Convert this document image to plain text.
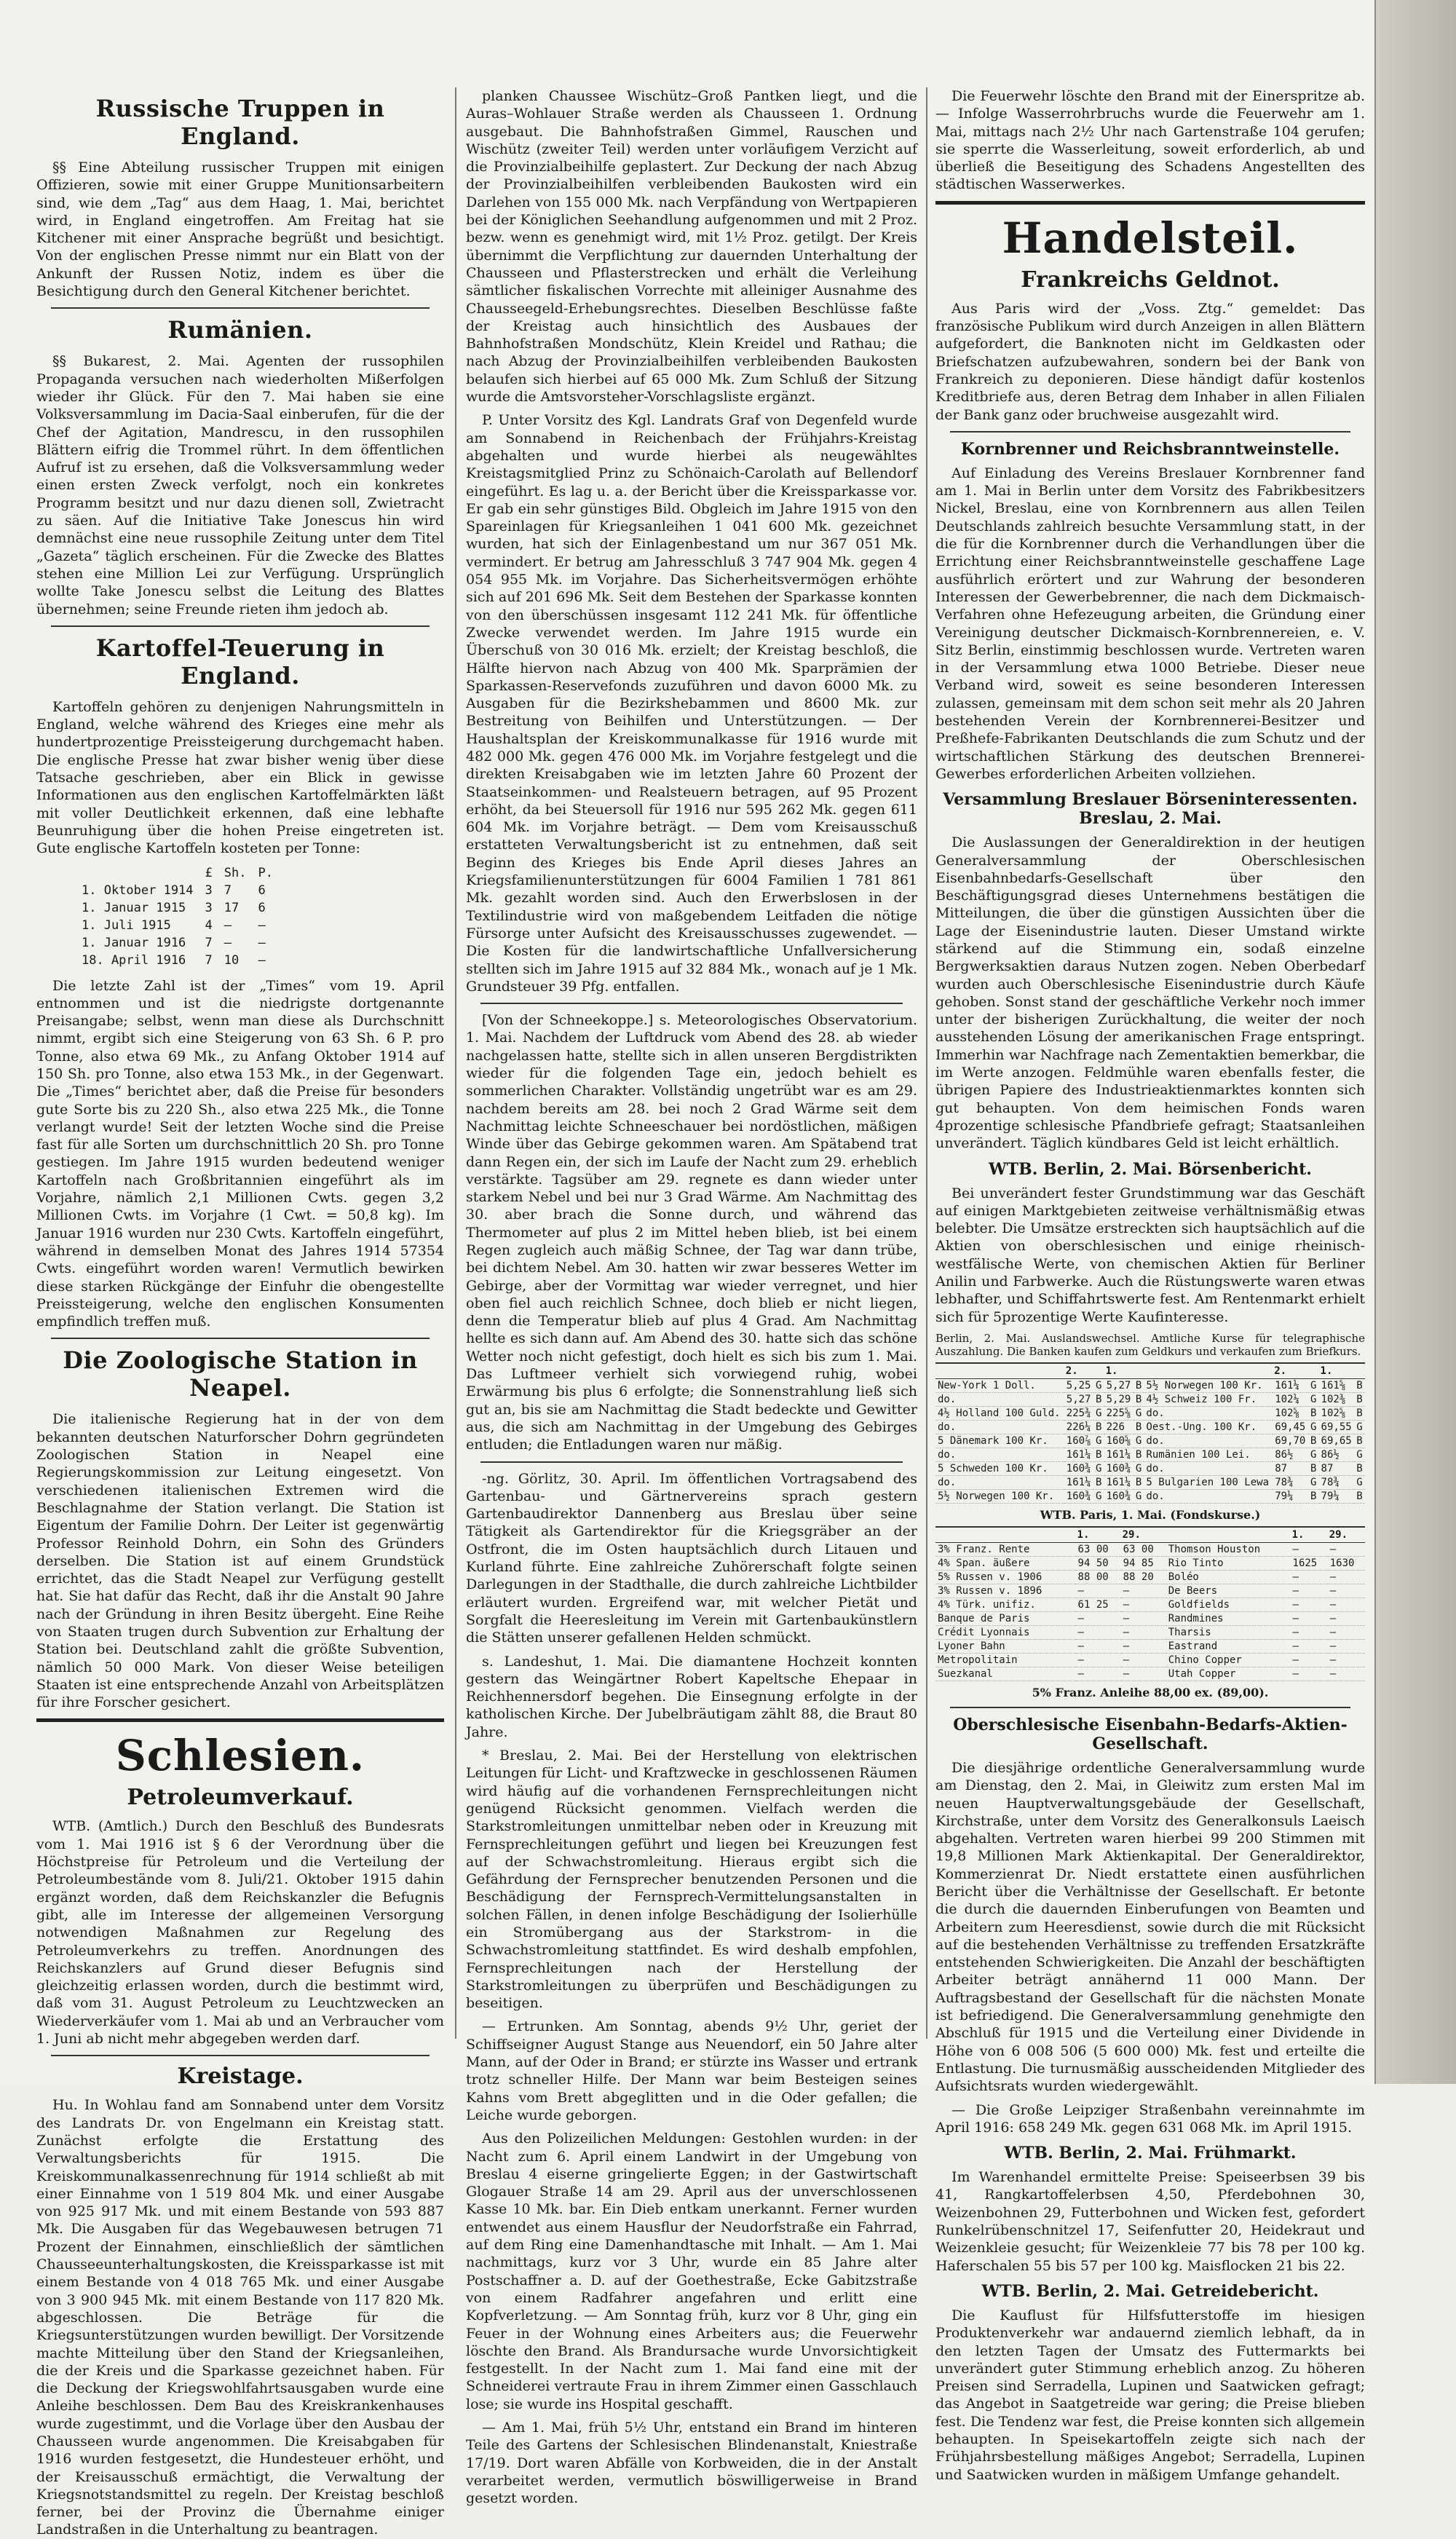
Russische Truppen in England.

§§ Eine Abteilung russischer Truppen mit einigen Offizieren, sowie mit einer Gruppe Munitionsarbeitern sind, wie dem „Tag“ aus dem Haag, 1. Mai, berichtet wird, in England eingetroffen. Am Freitag hat sie Kitchener mit einer Ansprache begrüßt und besichtigt. Von der englischen Presse nimmt nur ein Blatt von der Ankunft der Russen Notiz, indem es über die Besichtigung durch den General Kitchener berichtet.

Rumänien.

§§ Bukarest, 2. Mai. Agenten der russophilen Propaganda versuchen nach wiederholten Mißerfolgen wieder ihr Glück. Für den 7. Mai haben sie eine Volksversammlung im Dacia-Saal einberufen, für die der Chef der Agitation, Mandrescu, in den russophilen Blättern eifrig die Trommel rührt. In dem öffentlichen Aufruf ist zu ersehen, daß die Volksversammlung weder einen ersten Zweck verfolgt, noch ein konkretes Programm besitzt und nur dazu dienen soll, Zwietracht zu säen. Auf die Initiative Take Jonescus hin wird demnächst eine neue russophile Zeitung unter dem Titel „Gazeta“ täglich erscheinen. Für die Zwecke des Blattes stehen eine Million Lei zur Verfügung. Ursprünglich wollte Take Jonescu selbst die Leitung des Blattes übernehmen; seine Freunde rieten ihm jedoch ab.

Kartoffel-Teuerung in England.

Kartoffeln gehören zu denjenigen Nahrungsmitteln in England, welche während des Krieges eine mehr als hundertprozentige Preissteigerung durchgemacht haben. Die englische Presse hat zwar bisher wenig über diese Tatsache geschrieben, aber ein Blick in gewisse Informationen aus den englischen Kartoffelmärkten läßt mit voller Deutlichkeit erkennen, daß eine lebhafte Beunruhigung über die hohen Preise eingetreten ist. Gute englische Kartoffeln kosteten per Tonne:

	£	Sh.	P.
1. Oktober 1914	3	7	6
1. Januar 1915	3	17	6
1. Juli 1915	4	—	—
1. Januar 1916	7	—	—
18. April 1916	7	10	—

Die letzte Zahl ist der „Times“ vom 19. April entnommen und ist die niedrigste dortgenannte Preisangabe; selbst, wenn man diese als Durchschnitt nimmt, ergibt sich eine Steigerung von 63 Sh. 6 P. pro Tonne, also etwa 69 Mk., zu Anfang Oktober 1914 auf 150 Sh. pro Tonne, also etwa 153 Mk., in der Gegenwart. Die „Times“ berichtet aber, daß die Preise für besonders gute Sorte bis zu 220 Sh., also etwa 225 Mk., die Tonne verlangt wurde! Seit der letzten Woche sind die Preise fast für alle Sorten um durchschnittlich 20 Sh. pro Tonne gestiegen. Im Jahre 1915 wurden bedeutend weniger Kartoffeln nach Großbritannien eingeführt als im Vorjahre, nämlich 2,1 Millionen Cwts. gegen 3,2 Millionen Cwts. im Vorjahre (1 Cwt. = 50,8 kg). Im Januar 1916 wurden nur 230 Cwts. Kartoffeln eingeführt, während in demselben Monat des Jahres 1914 57354 Cwts. eingeführt worden waren! Vermutlich bewirken diese starken Rückgänge der Einfuhr die obengestellte Preissteigerung, welche den englischen Konsumenten empfindlich treffen muß.

Die Zoologische Station in Neapel.

Die italienische Regierung hat in der von dem bekannten deutschen Naturforscher Dohrn gegründeten Zoologischen Station in Neapel eine Regierungskommission zur Leitung eingesetzt. Von verschiedenen italienischen Extremen wird die Beschlagnahme der Station verlangt. Die Station ist Eigentum der Familie Dohrn. Der Leiter ist gegenwärtig Professor Reinhold Dohrn, ein Sohn des Gründers derselben. Die Station ist auf einem Grundstück errichtet, das die Stadt Neapel zur Verfügung gestellt hat. Sie hat dafür das Recht, daß ihr die Anstalt 90 Jahre nach der Gründung in ihren Besitz übergeht. Eine Reihe von Staaten trugen durch Subvention zur Erhaltung der Station bei. Deutschland zahlt die größte Subvention, nämlich 50 000 Mark. Von dieser Weise beteiligen Staaten ist eine entsprechende Anzahl von Arbeitsplätzen für ihre Forscher gesichert.

Schlesien.
Petroleumverkauf.

WTB. (Amtlich.) Durch den Beschluß des Bundesrats vom 1. Mai 1916 ist § 6 der Verordnung über die Höchstpreise für Petroleum und die Verteilung der Petroleumbestände vom 8. Juli/21. Oktober 1915 dahin ergänzt worden, daß dem Reichskanzler die Befugnis gibt, alle im Interesse der allgemeinen Versorgung notwendigen Maßnahmen zur Regelung des Petroleumverkehrs zu treffen. Anordnungen des Reichskanzlers auf Grund dieser Befugnis sind gleichzeitig erlassen worden, durch die bestimmt wird, daß vom 31. August Petroleum zu Leuchtzwecken an Wiederverkäufer vom 1. Mai ab und an Verbraucher vom 1. Juni ab nicht mehr abgegeben werden darf.

Kreistage.

Hu. In Wohlau fand am Sonnabend unter dem Vorsitz des Landrats Dr. von Engelmann ein Kreistag statt. Zunächst erfolgte die Erstattung des Verwaltungsberichts für 1915. Die Kreiskommunalkassenrechnung für 1914 schließt ab mit einer Einnahme von 1 519 804 Mk. und einer Ausgabe von 925 917 Mk. und mit einem Bestande von 593 887 Mk. Die Ausgaben für das Wegebauwesen betrugen 71 Prozent der Einnahmen, einschließlich der sämtlichen Chausseeunterhaltungskosten, die Kreissparkasse ist mit einem Bestande von 4 018 765 Mk. und einer Ausgabe von 3 900 945 Mk. mit einem Bestande von 117 820 Mk. abgeschlossen. Die Beträge für die Kriegsunterstützungen wurden bewilligt. Der Vorsitzende machte Mitteilung über den Stand der Kriegsanleihen, die der Kreis und die Sparkasse gezeichnet haben. Für die Deckung der Kriegswohlfahrtsausgaben wurde eine Anleihe beschlossen. Dem Bau des Kreiskrankenhauses wurde zugestimmt, und die Vorlage über den Ausbau der Chausseen wurde angenommen. Die Kreisabgaben für 1916 wurden festgesetzt, die Hundesteuer erhöht, und der Kreisausschuß ermächtigt, die Verwaltung der Kriegsnotstandsmittel zu regeln. Der Kreistag beschloß ferner, bei der Provinz die Übernahme einiger Landstraßen in die Unterhaltung zu beantragen.

planken Chaussee Wischütz–Groß Pantken liegt, und die Auras–Wohlauer Straße werden als Chausseen 1. Ordnung ausgebaut. Die Bahnhofstraßen Gimmel, Rauschen und Wischütz (zweiter Teil) werden unter vorläufigem Verzicht auf die Provinzialbeihilfe geplastert. Zur Deckung der nach Abzug der Provinzialbeihilfen verbleibenden Baukosten wird ein Darlehen von 155 000 Mk. nach Verpfändung von Wertpapieren bei der Königlichen Seehandlung aufgenommen und mit 2 Proz. bezw. wenn es genehmigt wird, mit 1½ Proz. getilgt. Der Kreis übernimmt die Verpflichtung zur dauernden Unterhaltung der Chausseen und Pflasterstrecken und erhält die Verleihung sämtlicher fiskalischen Vorrechte mit alleiniger Ausnahme des Chausseegeld-Erhebungsrechtes. Dieselben Beschlüsse faßte der Kreistag auch hinsichtlich des Ausbaues der Bahnhofstraßen Mondschütz, Klein Kreidel und Rathau; die nach Abzug der Provinzialbeihilfen verbleibenden Baukosten belaufen sich hierbei auf 65 000 Mk. Zum Schluß der Sitzung wurde die Amtsvorsteher-Vorschlagsliste ergänzt.

P. Unter Vorsitz des Kgl. Landrats Graf von Degenfeld wurde am Sonnabend in Reichenbach der Frühjahrs-Kreistag abgehalten und wurde hierbei als neugewähltes Kreistagsmitglied Prinz zu Schönaich-Carolath auf Bellendorf eingeführt. Es lag u. a. der Bericht über die Kreissparkasse vor. Er gab ein sehr günstiges Bild. Obgleich im Jahre 1915 von den Spareinlagen für Kriegsanleihen 1 041 600 Mk. gezeichnet wurden, hat sich der Einlagenbestand um nur 367 051 Mk. vermindert. Er betrug am Jahresschluß 3 747 904 Mk. gegen 4 054 955 Mk. im Vorjahre. Das Sicherheitsvermögen erhöhte sich auf 201 696 Mk. Seit dem Bestehen der Sparkasse konnten von den überschüssen insgesamt 112 241 Mk. für öffentliche Zwecke verwendet werden. Im Jahre 1915 wurde ein Überschuß von 30 016 Mk. erzielt; der Kreistag beschloß, die Hälfte hiervon nach Abzug von 400 Mk. Sparprämien der Sparkassen-Reservefonds zuzuführen und davon 6000 Mk. zu Ausgaben für die Bezirkshebammen und 8600 Mk. zur Bestreitung von Beihilfen und Unterstützungen. — Der Haushaltsplan der Kreiskommunalkasse für 1916 wurde mit 482 000 Mk. gegen 476 000 Mk. im Vorjahre festgelegt und die direkten Kreisabgaben wie im letzten Jahre 60 Prozent der Staatseinkommen- und Realsteuern betragen, auf 95 Prozent erhöht, da bei Steuersoll für 1916 nur 595 262 Mk. gegen 611 604 Mk. im Vorjahre beträgt. — Dem vom Kreisausschuß erstatteten Verwaltungsbericht ist zu entnehmen, daß seit Beginn des Krieges bis Ende April dieses Jahres an Kriegsfamilienunterstützungen für 6004 Familien 1 781 861 Mk. gezahlt worden sind. Auch den Erwerbslosen in der Textilindustrie wird von maßgebendem Leitfaden die nötige Fürsorge unter Aufsicht des Kreisausschusses zugewendet. — Die Kosten für die landwirtschaftliche Unfallversicherung stellten sich im Jahre 1915 auf 32 884 Mk., wonach auf je 1 Mk. Grundsteuer 39 Pfg. entfallen.

[Von der Schneekoppe.] s. Meteorologisches Observatorium. 1. Mai. Nachdem der Luftdruck vom Abend des 28. ab wieder nachgelassen hatte, stellte sich in allen unseren Bergdistrikten wieder für die folgenden Tage ein, jedoch behielt es sommerlichen Charakter. Vollständig ungetrübt war es am 29. nachdem bereits am 28. bei noch 2 Grad Wärme seit dem Nachmittag leichte Schneeschauer bei nordöstlichen, mäßigen Winde über das Gebirge gekommen waren. Am Spätabend trat dann Regen ein, der sich im Laufe der Nacht zum 29. erheblich verstärkte. Tagsüber am 29. regnete es dann wieder unter starkem Nebel und bei nur 3 Grad Wärme. Am Nachmittag des 30. aber brach die Sonne durch, und während das Thermometer auf plus 2 im Mittel heben blieb, ist bei einem Regen zugleich auch mäßig Schnee, der Tag war dann trübe, bei dichtem Nebel. Am 30. hatten wir zwar besseres Wetter im Gebirge, aber der Vormittag war wieder verregnet, und hier oben fiel auch reichlich Schnee, doch blieb er nicht liegen, denn die Temperatur blieb auf plus 4 Grad. Am Nachmittag hellte es sich dann auf. Am Abend des 30. hatte sich das schöne Wetter noch nicht gefestigt, doch hielt es sich bis zum 1. Mai. Das Luftmeer verhielt sich vorwiegend ruhig, wobei Erwärmung bis plus 6 erfolgte; die Sonnenstrahlung ließ sich gut an, bis sie am Nachmittag die Stadt bedeckte und Gewitter aus, die sich am Nachmittag in der Umgebung des Gebirges entluden; die Entladungen waren nur mäßig.

-ng. Görlitz, 30. April. Im öffentlichen Vortragsabend des Gartenbau- und Gärtnervereins sprach gestern Gartenbaudirektor Dannenberg aus Breslau über seine Tätigkeit als Gartendirektor für die Kriegsgräber an der Ostfront, die im Osten hauptsächlich durch Litauen und Kurland führte. Eine zahlreiche Zuhörerschaft folgte seinen Darlegungen in der Stadthalle, die durch zahlreiche Lichtbilder erläutert wurden. Ergreifend war, mit welcher Pietät und Sorgfalt die Heeresleitung im Verein mit Gartenbaukünstlern die Stätten unserer gefallenen Helden schmückt.

s. Landeshut, 1. Mai. Die diamantene Hochzeit konnten gestern das Weingärtner Robert Kapeltsche Ehepaar in Reichhennersdorf begehen. Die Einsegnung erfolgte in der katholischen Kirche. Der Jubelbräutigam zählt 88, die Braut 80 Jahre.

* Breslau, 2. Mai. Bei der Herstellung von elektrischen Leitungen für Licht- und Kraftzwecke in geschlossenen Räumen wird häufig auf die vorhandenen Fernsprechleitungen nicht genügend Rücksicht genommen. Vielfach werden die Starkstromleitungen unmittelbar neben oder in Kreuzung mit Fernsprechleitungen geführt und liegen bei Kreuzungen fest auf der Schwachstromleitung. Hieraus ergibt sich die Gefährdung der Fernsprecher benutzenden Personen und die Beschädigung der Fernsprech-Vermittelungsanstalten in solchen Fällen, in denen infolge Beschädigung der Isolierhülle ein Stromübergang aus der Starkstrom- in die Schwachstromleitung stattfindet. Es wird deshalb empfohlen, Fernsprechleitungen nach der Herstellung der Starkstromleitungen zu überprüfen und Beschädigungen zu beseitigen.

— Ertrunken. Am Sonntag, abends 9½ Uhr, geriet der Schiffseigner August Stange aus Neuendorf, ein 50 Jahre alter Mann, auf der Oder in Brand; er stürzte ins Wasser und ertrank trotz schneller Hilfe. Der Mann war beim Besteigen seines Kahns vom Brett abgeglitten und in die Oder gefallen; die Leiche wurde geborgen.

Aus den Polizeilichen Meldungen: Gestohlen wurden: in der Nacht zum 6. April einem Landwirt in der Umgebung von Breslau 4 eiserne gringelierte Eggen; in der Gastwirtschaft Glogauer Straße 14 am 29. April aus der unverschlossenen Kasse 10 Mk. bar. Ein Dieb entkam unerkannt. Ferner wurden entwendet aus einem Hausflur der Neudorfstraße ein Fahrrad, auf dem Ring eine Damenhandtasche mit Inhalt. — Am 1. Mai nachmittags, kurz vor 3 Uhr, wurde ein 85 Jahre alter Postschaffner a. D. auf der Goethestraße, Ecke Gabitzstraße von einem Radfahrer angefahren und erlitt eine Kopfverletzung. — Am Sonntag früh, kurz vor 8 Uhr, ging ein Feuer in der Wohnung eines Arbeiters aus; die Feuerwehr löschte den Brand. Als Brandursache wurde Unvorsichtigkeit festgestellt. In der Nacht zum 1. Mai fand eine mit der Schneiderei vertraute Frau in ihrem Zimmer einen Gasschlauch lose; sie wurde ins Hospital geschafft.

— Am 1. Mai, früh 5½ Uhr, entstand ein Brand im hinteren Teile des Gartens der Schlesischen Blindenanstalt, Kniestraße 17/19. Dort waren Abfälle von Korbweiden, die in der Anstalt verarbeitet werden, vermutlich böswilligerweise in Brand gesetzt worden.

Die Feuerwehr löschte den Brand mit der Einerspritze ab. — Infolge Wasserrohrbruchs wurde die Feuerwehr am 1. Mai, mittags nach 2½ Uhr nach Gartenstraße 104 gerufen; sie sperrte die Wasserleitung, soweit erforderlich, ab und überließ die Beseitigung des Schadens Angestellten des städtischen Wasserwerkes.

Handelsteil.
Frankreichs Geldnot.

Aus Paris wird der „Voss. Ztg.“ gemeldet: Das französische Publikum wird durch Anzeigen in allen Blättern aufgefordert, die Banknoten nicht im Geldkasten oder Briefschatzen aufzubewahren, sondern bei der Bank von Frankreich zu deponieren. Diese händigt dafür kostenlos Kreditbriefe aus, deren Betrag dem Inhaber in allen Filialen der Bank ganz oder bruchweise ausgezahlt wird.

Kornbrenner und Reichsbranntweinstelle.

Auf Einladung des Vereins Breslauer Kornbrenner fand am 1. Mai in Berlin unter dem Vorsitz des Fabrikbesitzers Nickel, Breslau, eine von Kornbrennern aus allen Teilen Deutschlands zahlreich besuchte Versammlung statt, in der die für die Kornbrenner durch die Verhandlungen über die Errichtung einer Reichsbranntweinstelle geschaffene Lage ausführlich erörtert und zur Wahrung der besonderen Interessen der Gewerbebrenner, die nach dem Dickmaisch-Verfahren ohne Hefezeugung arbeiten, die Gründung einer Vereinigung deutscher Dickmaisch-Kornbrennereien, e. V. Sitz Berlin, einstimmig beschlossen wurde. Vertreten waren in der Versammlung etwa 1000 Betriebe. Dieser neue Verband wird, soweit es seine besonderen Interessen zulassen, gemeinsam mit dem schon seit mehr als 20 Jahren bestehenden Verein der Kornbrennerei-Besitzer und Preßhefe-Fabrikanten Deutschlands die zum Schutz und der wirtschaftlichen Stärkung des deutschen Brennerei-Gewerbes erforderlichen Arbeiten vollziehen.

Versammlung Breslauer Börseninteressenten. Breslau, 2. Mai.

Die Auslassungen der Generaldirektion in der heutigen Generalversammlung der Oberschlesischen Eisenbahnbedarfs-Gesellschaft über den Beschäftigungsgrad dieses Unternehmens bestätigen die Mitteilungen, die über die günstigen Aussichten über die Lage der Eisenindustrie lauten. Dieser Umstand wirkte stärkend auf die Stimmung ein, sodaß einzelne Bergwerksaktien daraus Nutzen zogen. Neben Oberbedarf wurden auch Oberschlesische Eisenindustrie durch Käufe gehoben. Sonst stand der geschäftliche Verkehr noch immer unter der bisherigen Zurückhaltung, die weiter der noch ausstehenden Lösung der amerikanischen Frage entspringt. Immerhin war Nachfrage nach Zementaktien bemerkbar, die im Werte anzogen. Feldmühle waren ebenfalls fester, die übrigen Papiere des Industrieaktienmarktes konnten sich gut behaupten. Von dem heimischen Fonds waren 4prozentige schlesische Pfandbriefe gefragt; Staatsanleihen unverändert. Täglich kündbares Geld ist leicht erhältlich.

WTB. Berlin, 2. Mai. Börsenbericht.

Bei unverändert fester Grundstimmung war das Geschäft auf einigen Marktgebieten zeitweise verhältnismäßig etwas belebter. Die Umsätze erstreckten sich hauptsächlich auf die Aktien von oberschlesischen und einige rheinisch-westfälische Werte, von chemischen Aktien für Berliner Anilin und Farbwerke. Auch die Rüstungswerte waren etwas lebhafter, und Schiffahrtswerte fest. Am Rentenmarkt erhielt sich für 5prozentige Werte Kaufinteresse.

Berlin, 2. Mai. Auslandswechsel. Amtliche Kurse für telegraphische Auszahlung. Die Banken kaufen zum Geldkurs und verkaufen zum Briefkurs.
	2.		1.			2.		1.	
New-York 1 Doll.	5,25	G	5,27	B	5½ Norwegen 100 Kr.	161¼	G	161⅝	B
do.	5,27	B	5,29	B	4½ Schweiz 100 Fr.	102¼	G	102⅜	B
4½ Holland 100 Guld.	225¾	G	225⅝	G	do.	102⅝	B	102⅝	B
do.	226¼	B	226	B	Oest.-Ung. 100 Kr.	69,45	G	69,55	G
5 Dänemark 100 Kr.	160⅞	G	160⅝	G	do.	69,70	B	69,65	B
do.	161¼	B	161¼	B	Rumänien 100 Lei.	86½	G	86½	G
5 Schweden 100 Kr.	160¾	G	160¾	G	do.	87	B	87	B
do.	161¼	B	161¼	B	5 Bulgarien 100 Lewa	78¾	G	78¾	G
5½ Norwegen 100 Kr.	160¾	G	160¾	G	do.	79¼	B	79¼	B
WTB. Paris, 1. Mai. (Fondskurse.)
	1.	29.		1.	29.
3% Franz. Rente	63 00	63 00	Thomson Houston	—	—
4% Span. äußere	94 50	94 85	Rio Tinto	1625	1630
5% Russen v. 1906	88 00	88 20	Boléo	—	—
3% Russen v. 1896	—	—	De Beers	—	—
4% Türk. unifiz.	61 25	—	Goldfields	—	—
Banque de Paris	—	—	Randmines	—	—
Crédit Lyonnais	—	—	Tharsis	—	—
Lyoner Bahn	—	—	Eastrand	—	—
Metropolitain	—	—	Chino Copper	—	—
Suezkanal	—	—	Utah Copper	—	—
5% Franz. Anleihe 88,00 ex. (89,00).
Oberschlesische Eisenbahn-Bedarfs-Aktien-Gesellschaft.

Die diesjährige ordentliche Generalversammlung wurde am Dienstag, den 2. Mai, in Gleiwitz zum ersten Mal im neuen Hauptverwaltungsgebäude der Gesellschaft, Kirchstraße, unter dem Vorsitz des Generalkonsuls Laeisch abgehalten. Vertreten waren hierbei 99 200 Stimmen mit 19,8 Millionen Mark Aktienkapital. Der Generaldirektor, Kommerzienrat Dr. Niedt erstattete einen ausführlichen Bericht über die Verhältnisse der Gesellschaft. Er betonte die durch die dauernden Einberufungen von Beamten und Arbeitern zum Heeresdienst, sowie durch die mit Rücksicht auf die bestehenden Verhältnisse zu treffenden Ersatzkräfte entstehenden Schwierigkeiten. Die Anzahl der beschäftigten Arbeiter beträgt annähernd 11 000 Mann. Der Auftragsbestand der Gesellschaft für die nächsten Monate ist befriedigend. Die Generalversammlung genehmigte den Abschluß für 1915 und die Verteilung einer Dividende in Höhe von 6 008 506 (5 600 000) Mk. fest und erteilte die Entlastung. Die turnusmäßig ausscheidenden Mitglieder des Aufsichtsrats wurden wiedergewählt.

— Die Große Leipziger Straßenbahn vereinnahmte im April 1916: 658 249 Mk. gegen 631 068 Mk. im April 1915.

WTB. Berlin, 2. Mai. Frühmarkt.

Im Warenhandel ermittelte Preise: Speiseerbsen 39 bis 41, Rangkartoffelerbsen 4,50, Pferdebohnen 30, Weizenbohnen 29, Futterbohnen und Wicken fest, gefordert Runkelrübenschnitzel 17, Seifenfutter 20, Heidekraut und Weizenkleie gesucht; für Weizenkleie 77 bis 78 per 100 kg. Haferschalen 55 bis 57 per 100 kg. Maisflocken 21 bis 22.

WTB. Berlin, 2. Mai. Getreidebericht.

Die Kauflust für Hilfsfutterstoffe im hiesigen Produktenverkehr war andauernd ziemlich lebhaft, da in den letzten Tagen der Umsatz des Futtermarkts bei unverändert guter Stimmung erheblich anzog. Zu höheren Preisen sind Serradella, Lupinen und Saatwicken gefragt; das Angebot in Saatgetreide war gering; die Preise blieben fest. Die Tendenz war fest, die Preise konnten sich allgemein behaupten. In Speisekartoffeln zeigte sich nach der Frühjahrsbestellung mäßiges Angebot; Serradella, Lupinen und Saatwicken wurden in mäßigem Umfange gehandelt.
